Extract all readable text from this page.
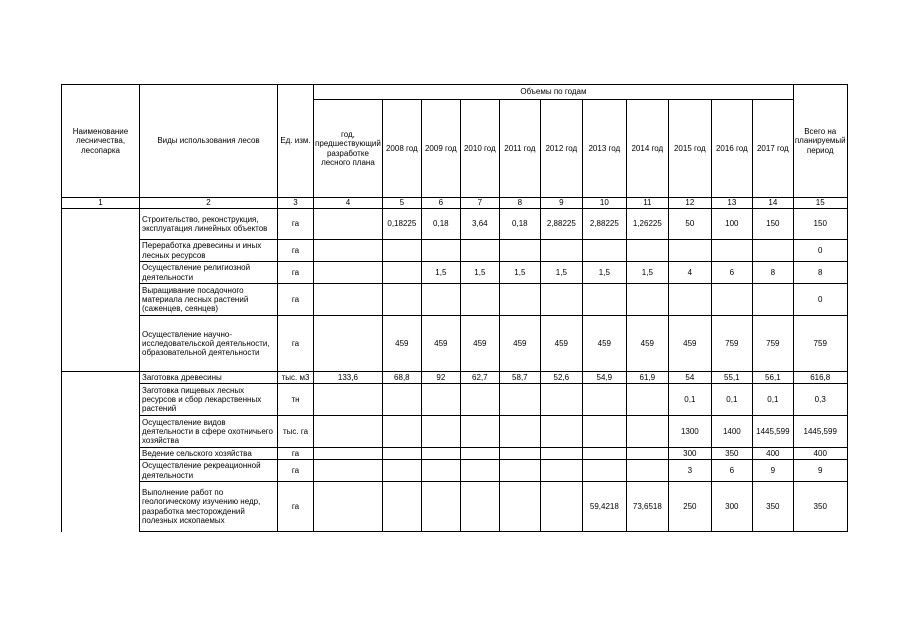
Наименование лесничества, лесопарка	Виды использования лесов	Ед. изм.	Объемы по годам											Всего на планируемый период
			год, предшествующий разработке лесного плана	2008 год	2009 год	2010 год	2011 год	2012 год	2013 год	2014 год	2015 год	2016 год	2017 год	
1	2	3	4	5	6	7	8	9	10	11	12	13	14	15
	Строительство, реконструкция, эксплуатация линейных объектов	га		0,18225	0,18	3,64	0,18	2,88225	2,88225	1,26225	50	100	150	150
	Переработка древесины и иных лесных ресурсов	га												0
	Осуществление религиозной деятельности	га			1,5	1,5	1,5	1,5	1,5	1,5	4	6	8	8
	Выращивание посадочного материала лесных растений (саженцев, сеянцев)	га												0
	Осуществление научно-исследовательской деятельности, образовательной деятельности	га		459	459	459	459	459	459	459	459	759	759	759
	Заготовка древесины	тыс. м3	133,6	68,8	92	62,7	58,7	52,6	54,9	61,9	54	55,1	56,1	616,8
	Заготовка пищевых лесных ресурсов и сбор лекарственных растений	тн									0,1	0,1	0,1	0,3
	Осуществление видов деятельности в сфере охотничьего хозяйства	тыс. га									1300	1400	1445,599	1445,599
	Ведение сельского хозяйства	га									300	350	400	400
	Осуществление рекреационной деятельности	га									3	6	9	9
	Выполнение работ по геологическому изучению недр, разработка месторождений полезных ископаемых	га							59,4218	73,6518	250	300	350	350
